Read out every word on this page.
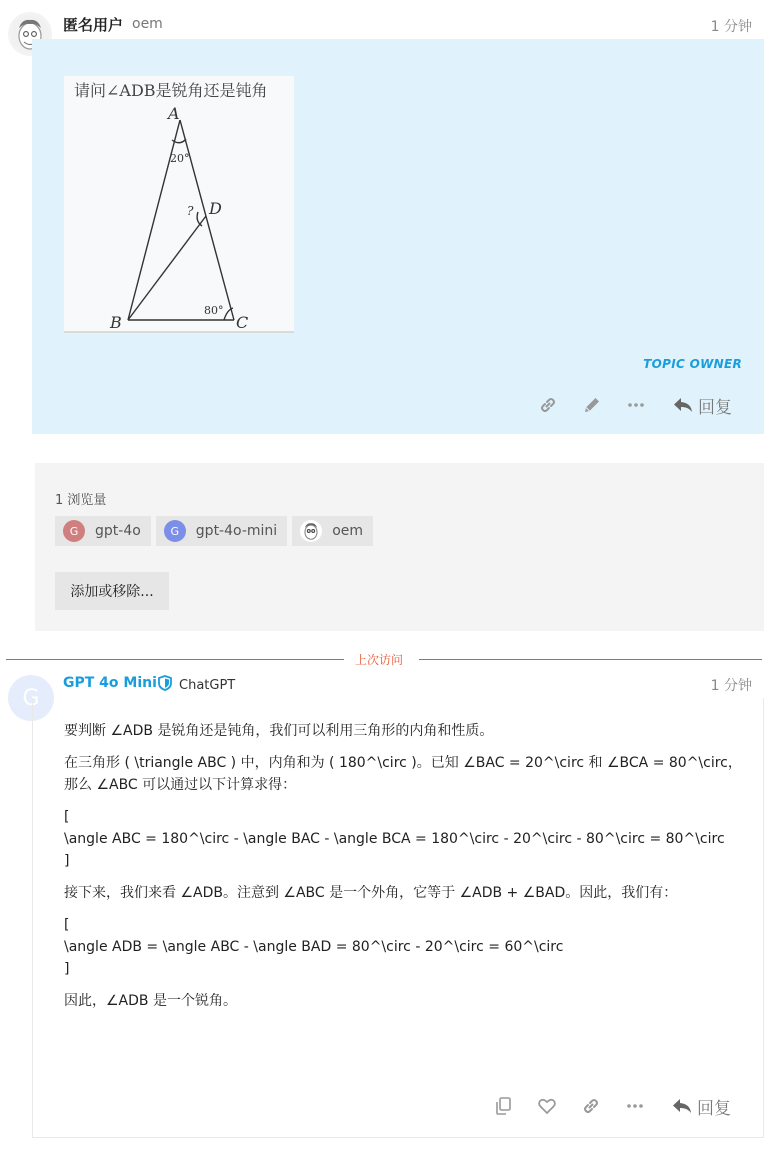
匿名用户 oem	1 分钟
请问∠ADB是锐角还是钝角
A
B	C
D
20°
80°
?
TOPIC OWNER
回复
1 浏览量
G	gpt-4o	G	gpt-4o-mini	oem
添加或移除...
上次访问
G
GPT 4o Mini ChatGPT	1 分钟

要判断 ∠ADB 是锐角还是钝角，我们可以利用三角形的内角和性质。

在三角形 ( \triangle ABC ) 中，内角和为 ( 180^\circ )。已知 ∠BAC = 20^\circ 和 ∠BCA = 80^\circ，那么 ∠ABC 可以通过以下计算求得：

[

\angle ABC = 180^\circ - \angle BAC - \angle BCA = 180^\circ - 20^\circ - 80^\circ = 80^\circ

]

接下来，我们来看 ∠ADB。注意到 ∠ABC 是一个外角，它等于 ∠ADB + ∠BAD。因此，我们有：

[

\angle ADB = \angle ABC - \angle BAD = 80^\circ - 20^\circ = 60^\circ

]

因此，∠ADB 是一个锐角。

回复
